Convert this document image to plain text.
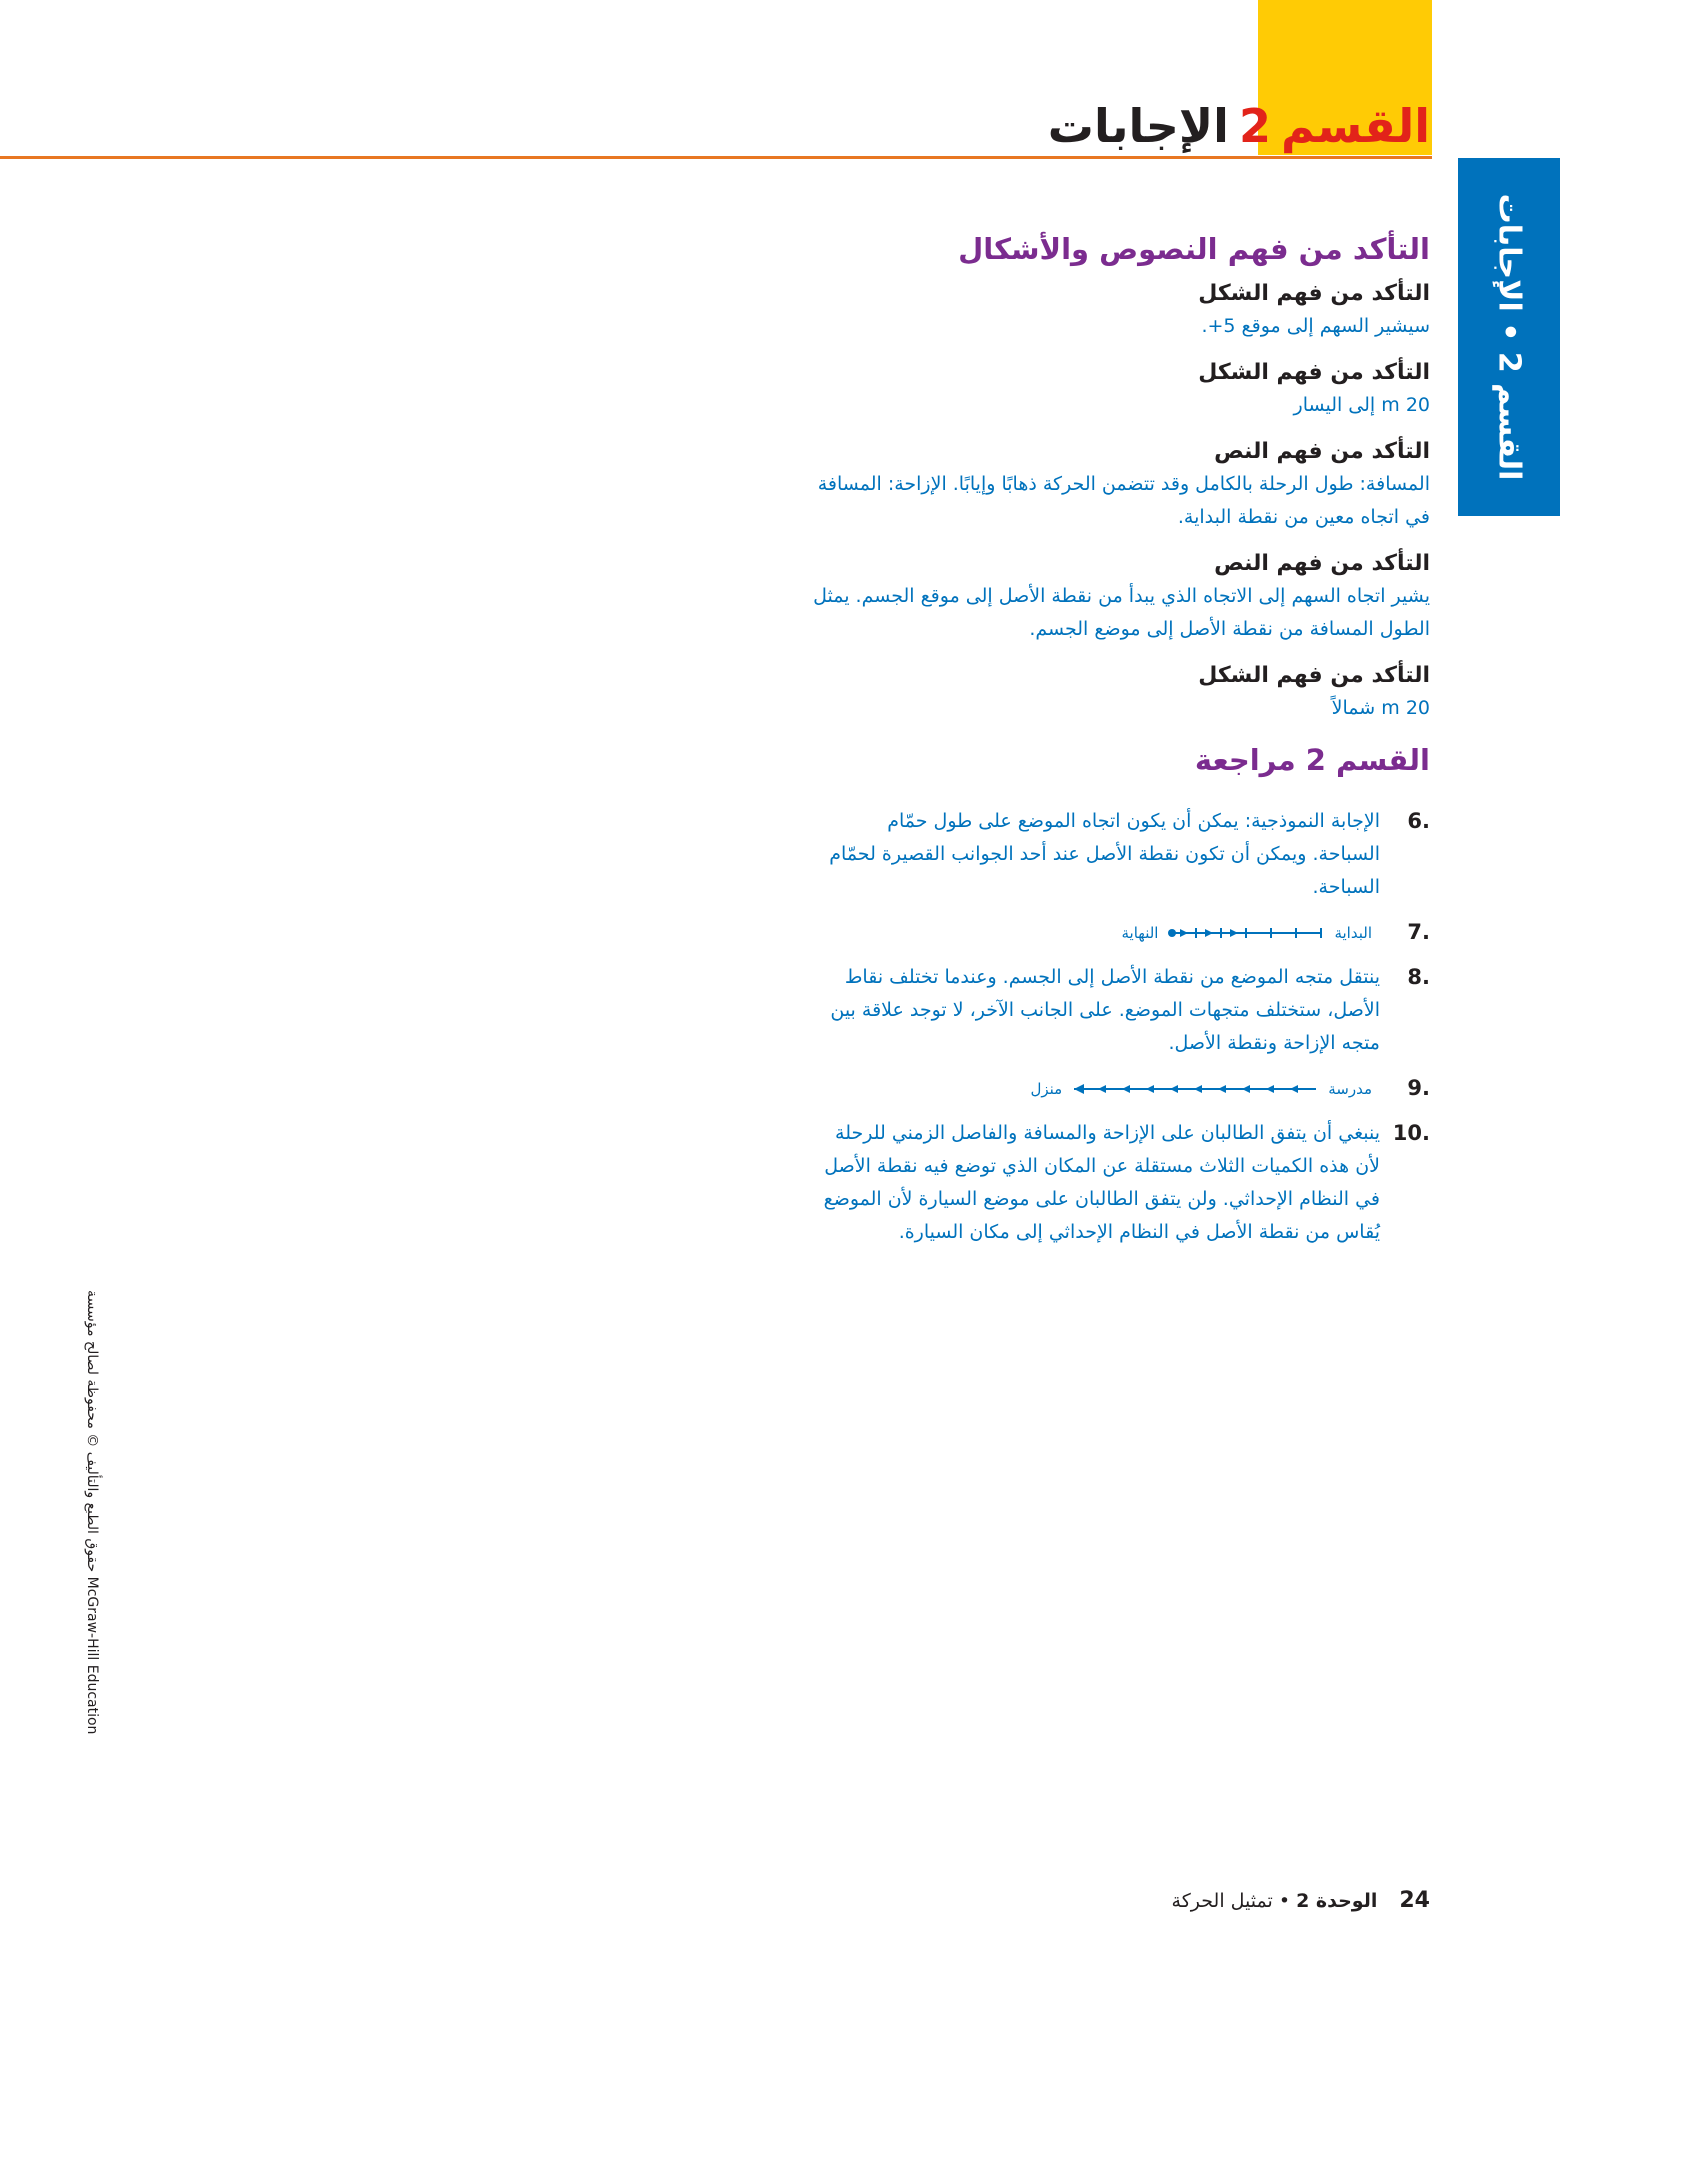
القسم2الإجابات
القسم 2 • الإجابات
التأكد من فهم النصوص والأشكال
التأكد من فهم الشكل
سيشير السهم إلى موقع 5+.
التأكد من فهم الشكل
20 m إلى اليسار
التأكد من فهم النص
المسافة: طول الرحلة بالكامل وقد تتضمن الحركة ذهابًا وإيابًا. الإزاحة: المسافة في اتجاه معين من نقطة البداية.
التأكد من فهم النص
يشير اتجاه السهم إلى الاتجاه الذي يبدأ من نقطة الأصل إلى موقع الجسم. يمثل الطول المسافة من نقطة الأصل إلى موضع الجسم.
التأكد من فهم الشكل
20 m شمالاً
القسم 2 مراجعة
6.
الإجابة النموذجية: يمكن أن يكون اتجاه الموضع على طول حمّام السباحة. ويمكن أن تكون نقطة الأصل عند أحد الجوانب القصيرة لحمّام السباحة.
7.
البداية
النهاية
8.
ينتقل متجه الموضع من نقطة الأصل إلى الجسم. وعندما تختلف نقاط الأصل، ستختلف متجهات الموضع. على الجانب الآخر، لا توجد علاقة بين متجه الإزاحة ونقطة الأصل.
9.
مدرسة
منزل
10.
ينبغي أن يتفق الطالبان على الإزاحة والمسافة والفاصل الزمني للرحلة لأن هذه الكميات الثلاث مستقلة عن المكان الذي توضع فيه نقطة الأصل في النظام الإحداثي. ولن يتفق الطالبان على موضع السيارة لأن الموضع يُقاس من نقطة الأصل في النظام الإحداثي إلى مكان السيارة.
حقوق الطبع والتأليف © محفوظة لصالح مؤسسة McGraw-Hill Education
24الوحدة 2 • تمثيل الحركة
